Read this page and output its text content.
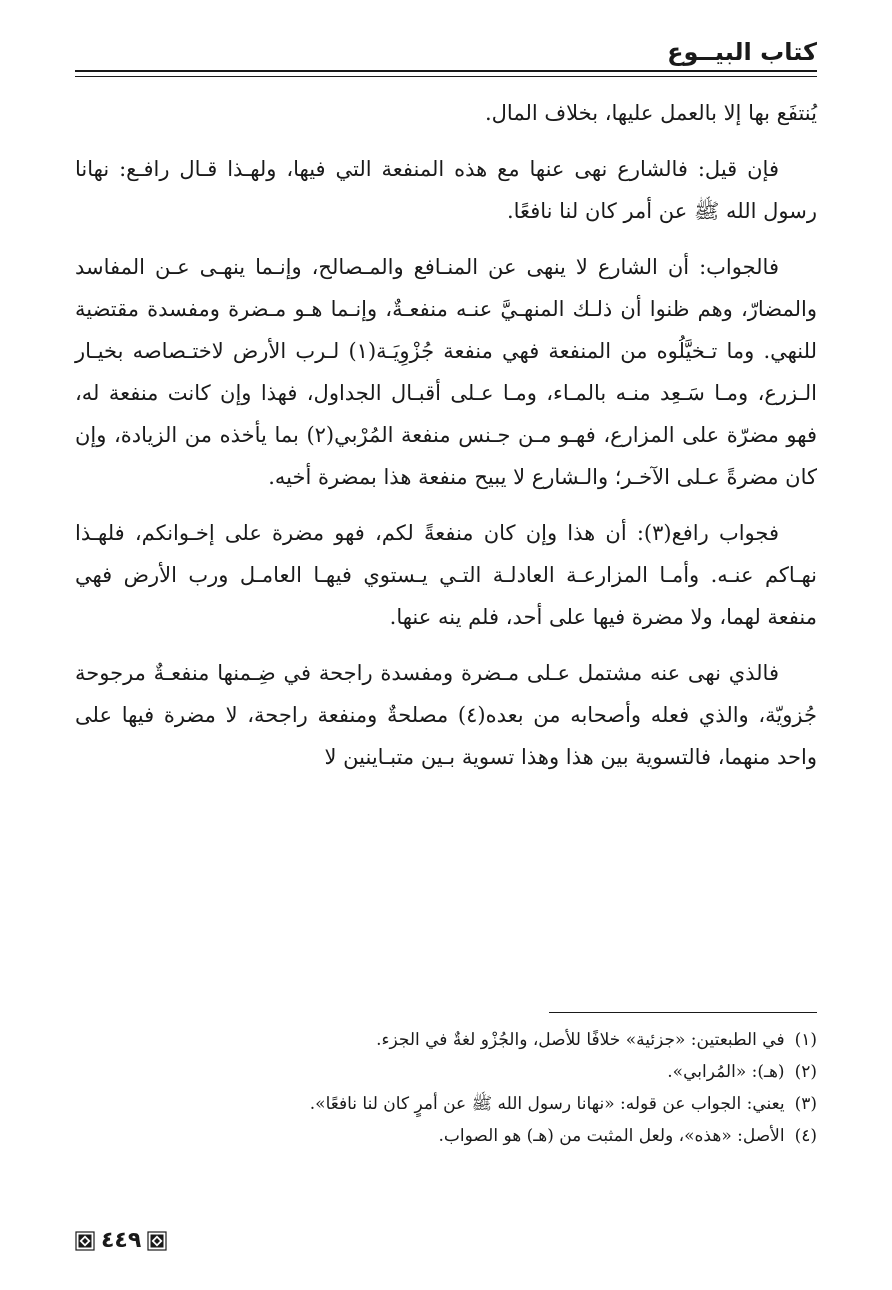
كتاب البيــوع

يُنتفَع بها إلا بالعمل عليها، بخلاف المال.

فإن قيل: فالشارع نهى عنها مع هذه المنفعة التي فيها، ولهـذا قـال رافـع: نهانا رسول الله ﷺ عن أمر كان لنا نافعًا.

فالجواب: أن الشارع لا ينهى عن المنـافع والمـصالح، وإنـما ينهـى عـن المفاسد والمضارّ، وهم ظنوا أن ذلـك المنهـيَّ عنـه منفعـةٌ، وإنـما هـو مـضرة ومفسدة مقتضية للنهي. وما تـخيَّلُوه من المنفعة فهي منفعة جُزْوِيَـة(١) لـرب الأرض لاختـصاصه بخيـار الـزرع، ومـا سَـعِد منـه بالمـاء، ومـا عـلى أقبـال الجداول، فهذا وإن كانت منفعة له، فهو مضرّة على المزارع، فهـو مـن جـنس منفعة المُرْبي(٢) بما يأخذه من الزيادة، وإن كان مضرةً عـلى الآخـر؛ والـشارع لا يبيح منفعة هذا بمضرة أخيه.

فجواب رافع(٣): أن هذا وإن كان منفعةً لكم، فهو مضرة على إخـوانكم، فلهـذا نهـاكم عنـه. وأمـا المزارعـة العادلـة التـي يـستوي فيهـا العامـل ورب الأرض فهي منفعة لهما، ولا مضرة فيها على أحد، فلم ينه عنها.

فالذي نهى عنه مشتمل عـلى مـضرة ومفسدة راجحة في ضِـمنها منفعـةٌ مرجوحة جُزويّة، والذي فعله وأصحابه من بعده(٤) مصلحةٌ ومنفعة راجحة، لا مضرة فيها على واحد منهما، فالتسوية بين هذا وهذا تسوية بـين متبـاينين لا

(١)
في الطبعتين: «جزئية» خلافًا للأصل، والجُزْو لغةٌ في الجزء.
(٢)
(هـ): «المُرابي».
(٣)
يعني: الجواب عن قوله: «نهانا رسول الله ﷺ عن أمرٍ كان لنا نافعًا».
(٤)
الأصل: «هذه»، ولعل المثبت من (هـ) هو الصواب.
٤٤٩
